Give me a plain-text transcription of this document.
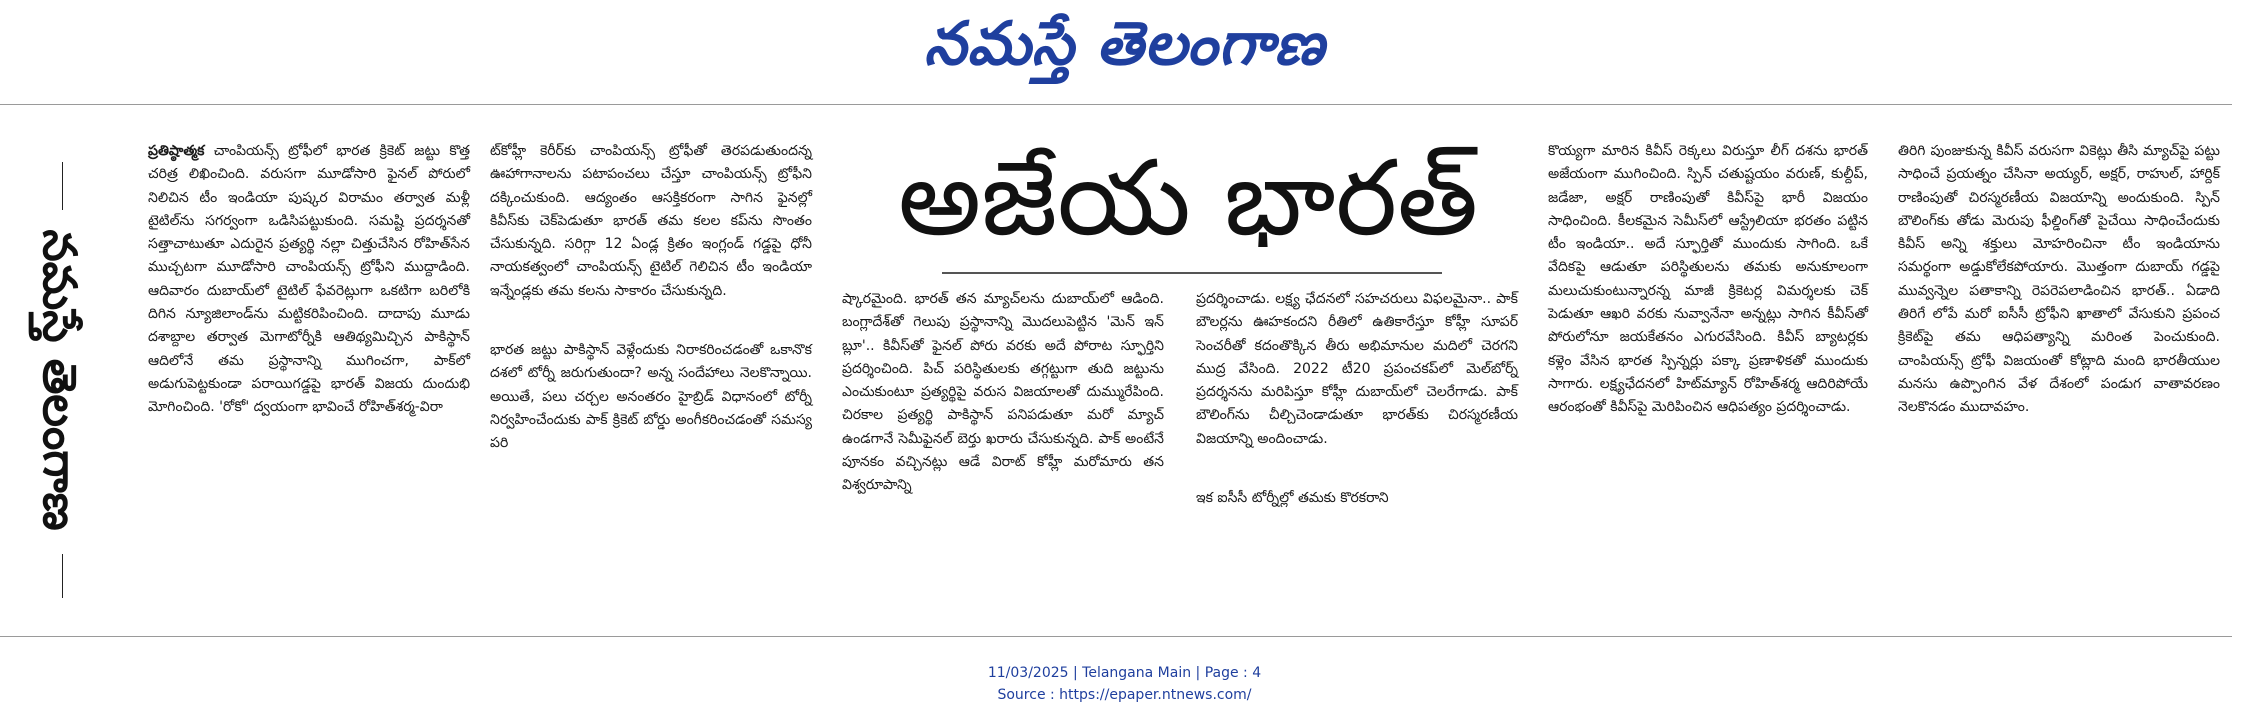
నమస్తే తెలంగాణ
నమస్తే తెలంగాణ

ప్రతిష్ఠాత్మక చాంపియన్స్‌ ట్రోఫీలో భారత క్రికెట్‌ జట్టు కొత్త చరిత్ర లిఖించింది. వరుసగా మూడోసారి ఫైనల్‌ పోరులో నిలిచిన టీం ఇండియా పుష్కర విరామం తర్వాత మళ్లీ టైటిల్‌ను సగర్వంగా ఒడిసిపట్టుకుంది. సమష్టి ప్రదర్శనతో సత్తాచాటుతూ ఎదురైన ప్రత్యర్థి నల్లా చిత్తుచేసిన రోహిత్‌సేన ముచ్చటగా మూడోసారి చాంపియన్స్‌ ట్రోఫీని ముద్దాడింది. ఆదివారం దుబాయ్‌లో టైటిల్‌ ఫేవరెట్లుగా ఒకటిగా బరిలోకి దిగిన న్యూజిలాండ్‌ను మట్టికరిపించింది. దాదాపు మూడు దశాబ్దాల తర్వాత మెగాటోర్నీకి ఆతిథ్యమిచ్చిన పాకిస్థాన్‌ ఆదిలోనే తమ ప్రస్థానాన్ని ముగించగా, పాక్‌లో అడుగుపెట్టకుండా పరాయిగడ్డపై భారత్‌ విజయ దుందుభి మోగించింది. 'రోకో' ద్వయంగా భావించే రోహిత్‌శర్మ-విరా

ట్‌కోహ్లీ కెరీర్‌కు చాంపియన్స్‌ ట్రోఫీతో తెరపడుతుందన్న ఊహాగానాలను పటాపంచలు చేస్తూ చాంపియన్స్‌ ట్రోఫీని దక్కించుకుంది. ఆద్యంతం ఆసక్తికరంగా సాగిన ఫైనల్లో కివీస్‌కు చెక్‌పెడుతూ భారత్‌ తమ కలల కప్‌ను సొంతం చేసుకున్నది. సరిగ్గా 12 ఏండ్ల క్రితం ఇంగ్లండ్‌ గడ్డపై ధోనీ నాయకత్వంలో చాంపియన్స్‌ టైటిల్‌ గెలిచిన టీం ఇండియా ఇన్నేండ్లకు తమ కలను సాకారం చేసుకున్నది.

భారత జట్టు పాకిస్థాన్‌ వెళ్లేందుకు నిరాకరించడంతో ఒకానొక దశలో టోర్నీ జరుగుతుందా? అన్న సందేహాలు నెలకొన్నాయి. అయితే, పలు చర్చల అనంతరం హైబ్రిడ్‌ విధానంలో టోర్నీ నిర్వహించేందుకు పాక్‌ క్రికెట్‌ బోర్డు అంగీకరించడంతో సమస్య పరి

అజేయ భారత్

ష్కారమైంది. భారత్‌ తన మ్యాచ్‌లను దుబాయ్‌లో ఆడింది. బంగ్లాదేశ్‌తో గెలుపు ప్రస్థానాన్ని మొదలుపెట్టిన 'మెన్‌ ఇన్‌ బ్లూ'.. కివీస్‌తో ఫైనల్‌ పోరు వరకు అదే పోరాట స్ఫూర్తిని ప్రదర్శించింది. పిచ్‌ పరిస్థితులకు తగ్గట్టుగా తుది జట్టును ఎంచుకుంటూ ప్రత్యర్థిపై వరుస విజయాలతో దుమ్మురేపింది. చిరకాల ప్రత్యర్థి పాకిస్థాన్‌ పనిపడుతూ మరో మ్యాచ్‌ ఉండగానే సెమీఫైనల్‌ బెర్తు ఖరారు చేసుకున్నది. పాక్‌ అంటేనే పూనకం వచ్చినట్లు ఆడే విరాట్‌ కోహ్లీ మరోమారు తన విశ్వరూపాన్ని

ప్రదర్శించాడు. లక్ష్య ఛేదనలో సహచరులు విఫలమైనా.. పాక్‌ బౌలర్లను ఊహకందని రీతిలో ఉతికారేస్తూ కోహ్లీ సూపర్‌ సెంచరీతో కదంతొక్కిన తీరు అభిమానుల మదిలో చెరగని ముద్ర వేసింది. 2022 టీ20 ప్రపంచకప్‌లో మెల్‌బోర్న్‌ ప్రదర్శనను మరిపిస్తూ కోహ్లీ దుబాయ్‌లో చెలరేగాడు. పాక్‌ బౌలింగ్‌ను చీల్చిచెండాడుతూ భారత్‌కు చిరస్మరణీయ విజయాన్ని అందించాడు.

ఇక ఐసీసీ టోర్నీల్లో తమకు కొరకరాని

కొయ్యగా మారిన కివీస్‌ రెక్కలు విరుస్తూ లీగ్‌ దశను భారత్‌ అజేయంగా ముగించింది. స్పిన్‌ చతుష్టయం వరుణ్‌, కుల్దీప్‌, జడేజా, అక్షర్‌ రాణింపుతో కివీస్‌పై భారీ విజయం సాధించింది. కీలకమైన సెమీస్‌లో ఆస్ట్రేలియా భరతం పట్టిన టీం ఇండియా.. అదే స్ఫూర్తితో ముందుకు సాగింది. ఒకే వేదికపై ఆడుతూ పరిస్థితులను తమకు అనుకూలంగా మలుచుకుంటున్నారన్న మాజీ క్రికెటర్ల విమర్శలకు చెక్‌ పెడుతూ ఆఖరి వరకు నువ్వానేనా అన్నట్లు సాగిన కీవీస్‌తో పోరులోనూ జయకేతనం ఎగురవేసింది. కివీస్‌ బ్యాటర్లకు కళ్లెం వేసిన భారత స్పిన్నర్లు పక్కా ప్రణాళికతో ముందుకు సాగారు. లక్ష్యఛేదనలో హిట్‌మ్యాన్‌ రోహిత్‌శర్మ ఆదిరిపోయే ఆరంభంతో కివీస్‌పై మెరిపించిన ఆధిపత్యం ప్రదర్శించాడు.

తిరిగి పుంజుకున్న కివీస్‌ వరుసగా వికెట్లు తీసి మ్యాచ్‌పై పట్టు సాధించే ప్రయత్నం చేసినా అయ్యర్‌, అక్షర్‌, రాహుల్‌, హార్దిక్‌ రాణింపుతో చిరస్మరణీయ విజయాన్ని అందుకుంది. స్పిన్‌ బౌలింగ్‌కు తోడు మెరుపు ఫీల్డింగ్‌తో పైచేయి సాధించేందుకు కివీస్‌ అన్ని శక్తులు మోహరించినా టీం ఇండియాను సమర్థంగా అడ్డుకోలేకపోయారు. మొత్తంగా దుబాయ్‌ గడ్డపై మువ్వన్నెల పతాకాన్ని రెపరెపలాడించిన భారత్‌.. ఏడాది తిరిగే లోపే మరో ఐసీసీ ట్రోఫీని ఖాతాలో వేసుకుని ప్రపంచ క్రికెట్‌పై తమ ఆధిపత్యాన్ని మరింత పెంచుకుంది. చాంపియన్స్‌ ట్రోఫీ విజయంతో కోట్లాది మంది భారతీయుల మనసు ఉప్పొంగిన వేళ దేశంలో పండుగ వాతావరణం నెలకొనడం ముదావహం.

11/03/2025 | Telangana Main | Page : 4
Source : https://epaper.ntnews.com/
